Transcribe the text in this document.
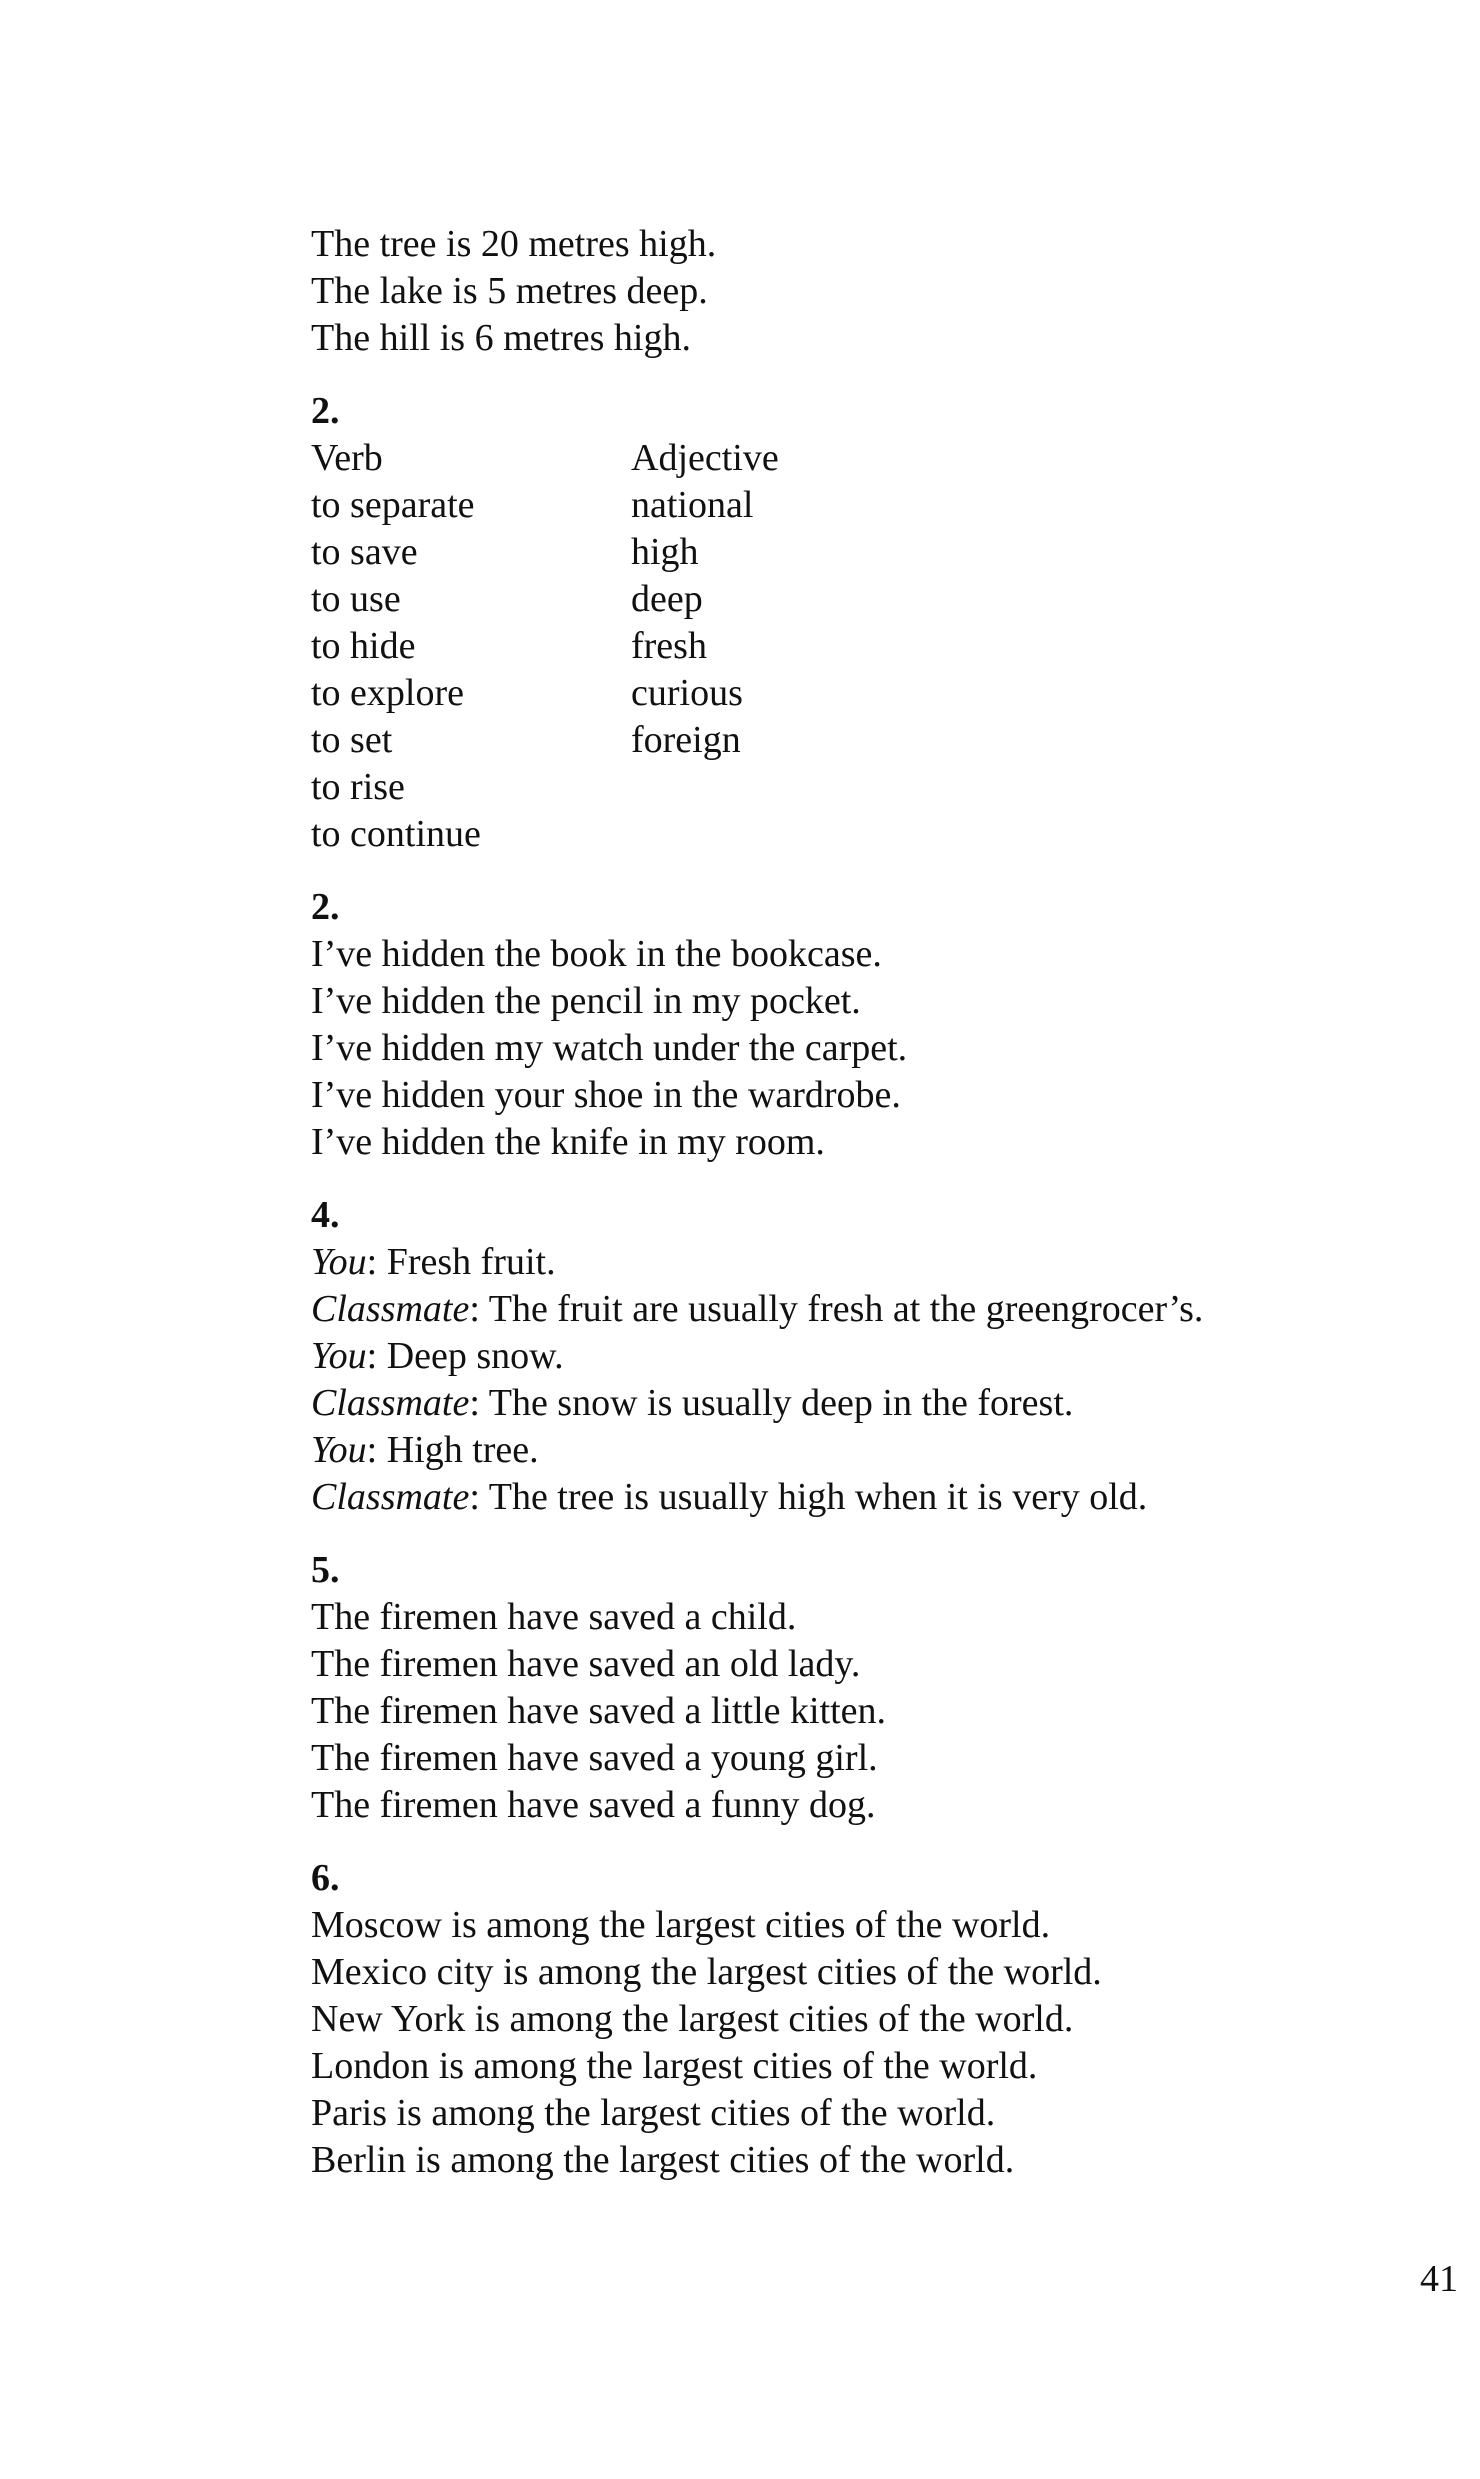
The tree is 20 metres high.
The lake is 5 metres deep.
The hill is 6 metres high.
2.
Verb	Adjective
to separate	national
to save	high
to use	deep
to hide	fresh
to explore	curious
to set	foreign
to rise
to continue
2.
I’ve hidden the book in the bookcase.
I’ve hidden the pencil in my pocket.
I’ve hidden my watch under the carpet.
I’ve hidden your shoe in the wardrobe.
I’ve hidden the knife in my room.
4.
You: Fresh fruit.
Classmate: The fruit are usually fresh at the greengrocer’s.
You: Deep snow.
Classmate: The snow is usually deep in the forest.
You: High tree.
Classmate: The tree is usually high when it is very old.
5.
The firemen have saved a child.
The firemen have saved an old lady.
The firemen have saved a little kitten.
The firemen have saved a young girl.
The firemen have saved a funny dog.
6.
Moscow is among the largest cities of the world.
Mexico city is among the largest cities of the world.
New York is among the largest cities of the world.
London is among the largest cities of the world.
Paris is among the largest cities of the world.
Berlin is among the largest cities of the world.
41
